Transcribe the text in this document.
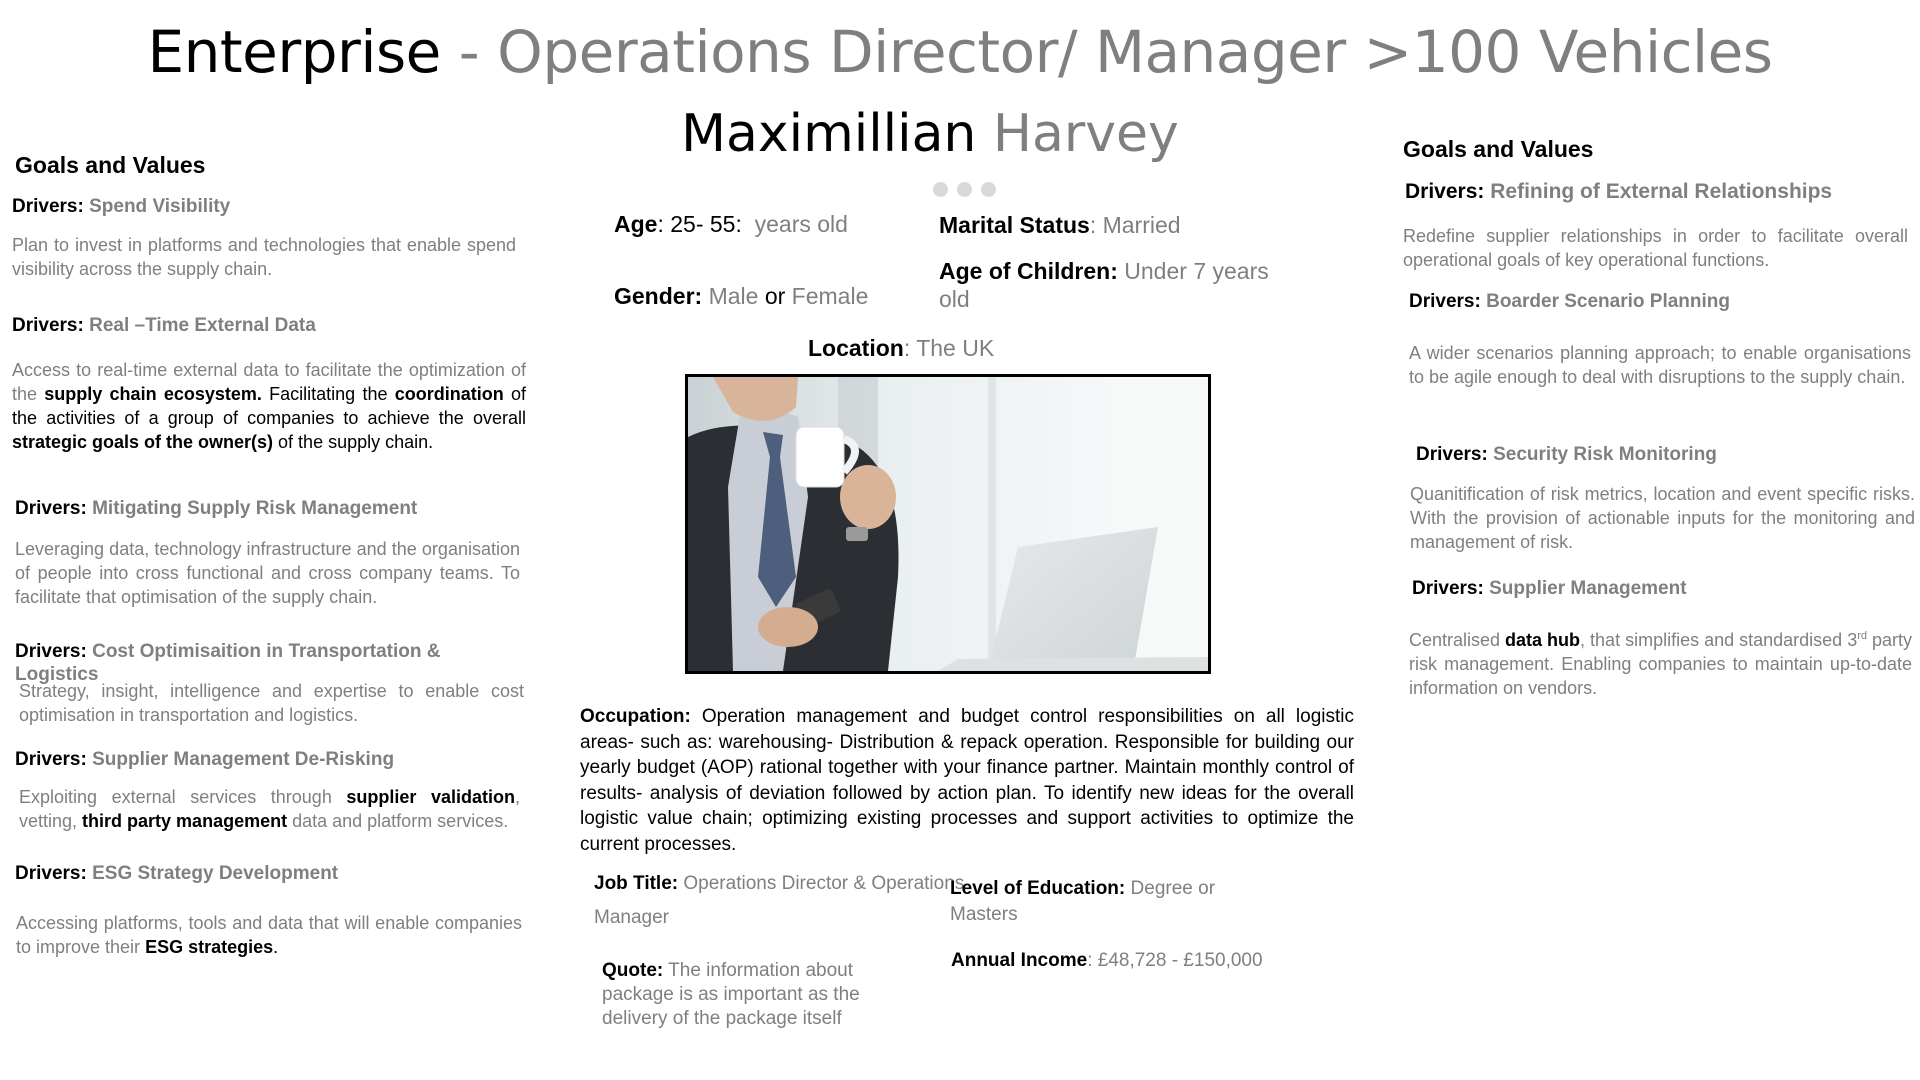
Enterprise - Operations Director/ Manager >100 Vehicles
Maximillian Harvey
Goals and Values
Drivers: Spend Visibility
Plan to invest in platforms and technologies that enable spend visibility across the supply chain.
Drivers: Real –Time External Data
Access to real-time external data to facilitate the optimization of the supply chain ecosystem. Facilitating the coordination of the activities of a group of companies to achieve the overall strategic goals of the owner(s) of the supply chain.
Drivers: Mitigating Supply Risk Management
Leveraging data, technology infrastructure and the organisation of people into cross functional and cross company teams. To facilitate that optimisation of the supply chain.
Drivers: Cost Optimisaition in Transportation & Logistics
Strategy, insight, intelligence and expertise to enable cost optimisation in transportation and logistics.
Drivers: Supplier Management De-Risking
Exploiting external services through supplier validation, vetting, third party management data and platform services.
Drivers: ESG Strategy Development
Accessing platforms, tools and data that will enable companies to improve their ESG strategies.
Age: 25- 55: years old
Gender: Male or Female
Marital Status: Married
Age of Children: Under 7 years old
Location: The UK
Occupation: Operation management and budget control responsibilities on all logistic areas- such as: warehousing- Distribution & repack operation. Responsible for building our yearly budget (AOP) rational together with your finance partner. Maintain monthly control of results- analysis of deviation followed by action plan. To identify new ideas for the overall logistic value chain; optimizing existing processes and support activities to optimize the current processes.
Job Title: Operations Director & Operations Manager
Level of Education: Degree or Masters
Annual Income: £48,728 - £150,000
Quote: The information about package is as important as the delivery of the package itself
Goals and Values
Drivers: Refining of External Relationships
Redefine supplier relationships in order to facilitate overall operational goals of key operational functions.
Drivers: Boarder Scenario Planning
A wider scenarios planning approach; to enable organisations to be agile enough to deal with disruptions to the supply chain.
Drivers: Security Risk Monitoring
Quanitification of risk metrics, location and event specific risks. With the provision of actionable inputs for the monitoring and management of risk.
Drivers: Supplier Management
Centralised data hub, that simplifies and standardised 3rd party risk management. Enabling companies to maintain up-to-date information on vendors.
